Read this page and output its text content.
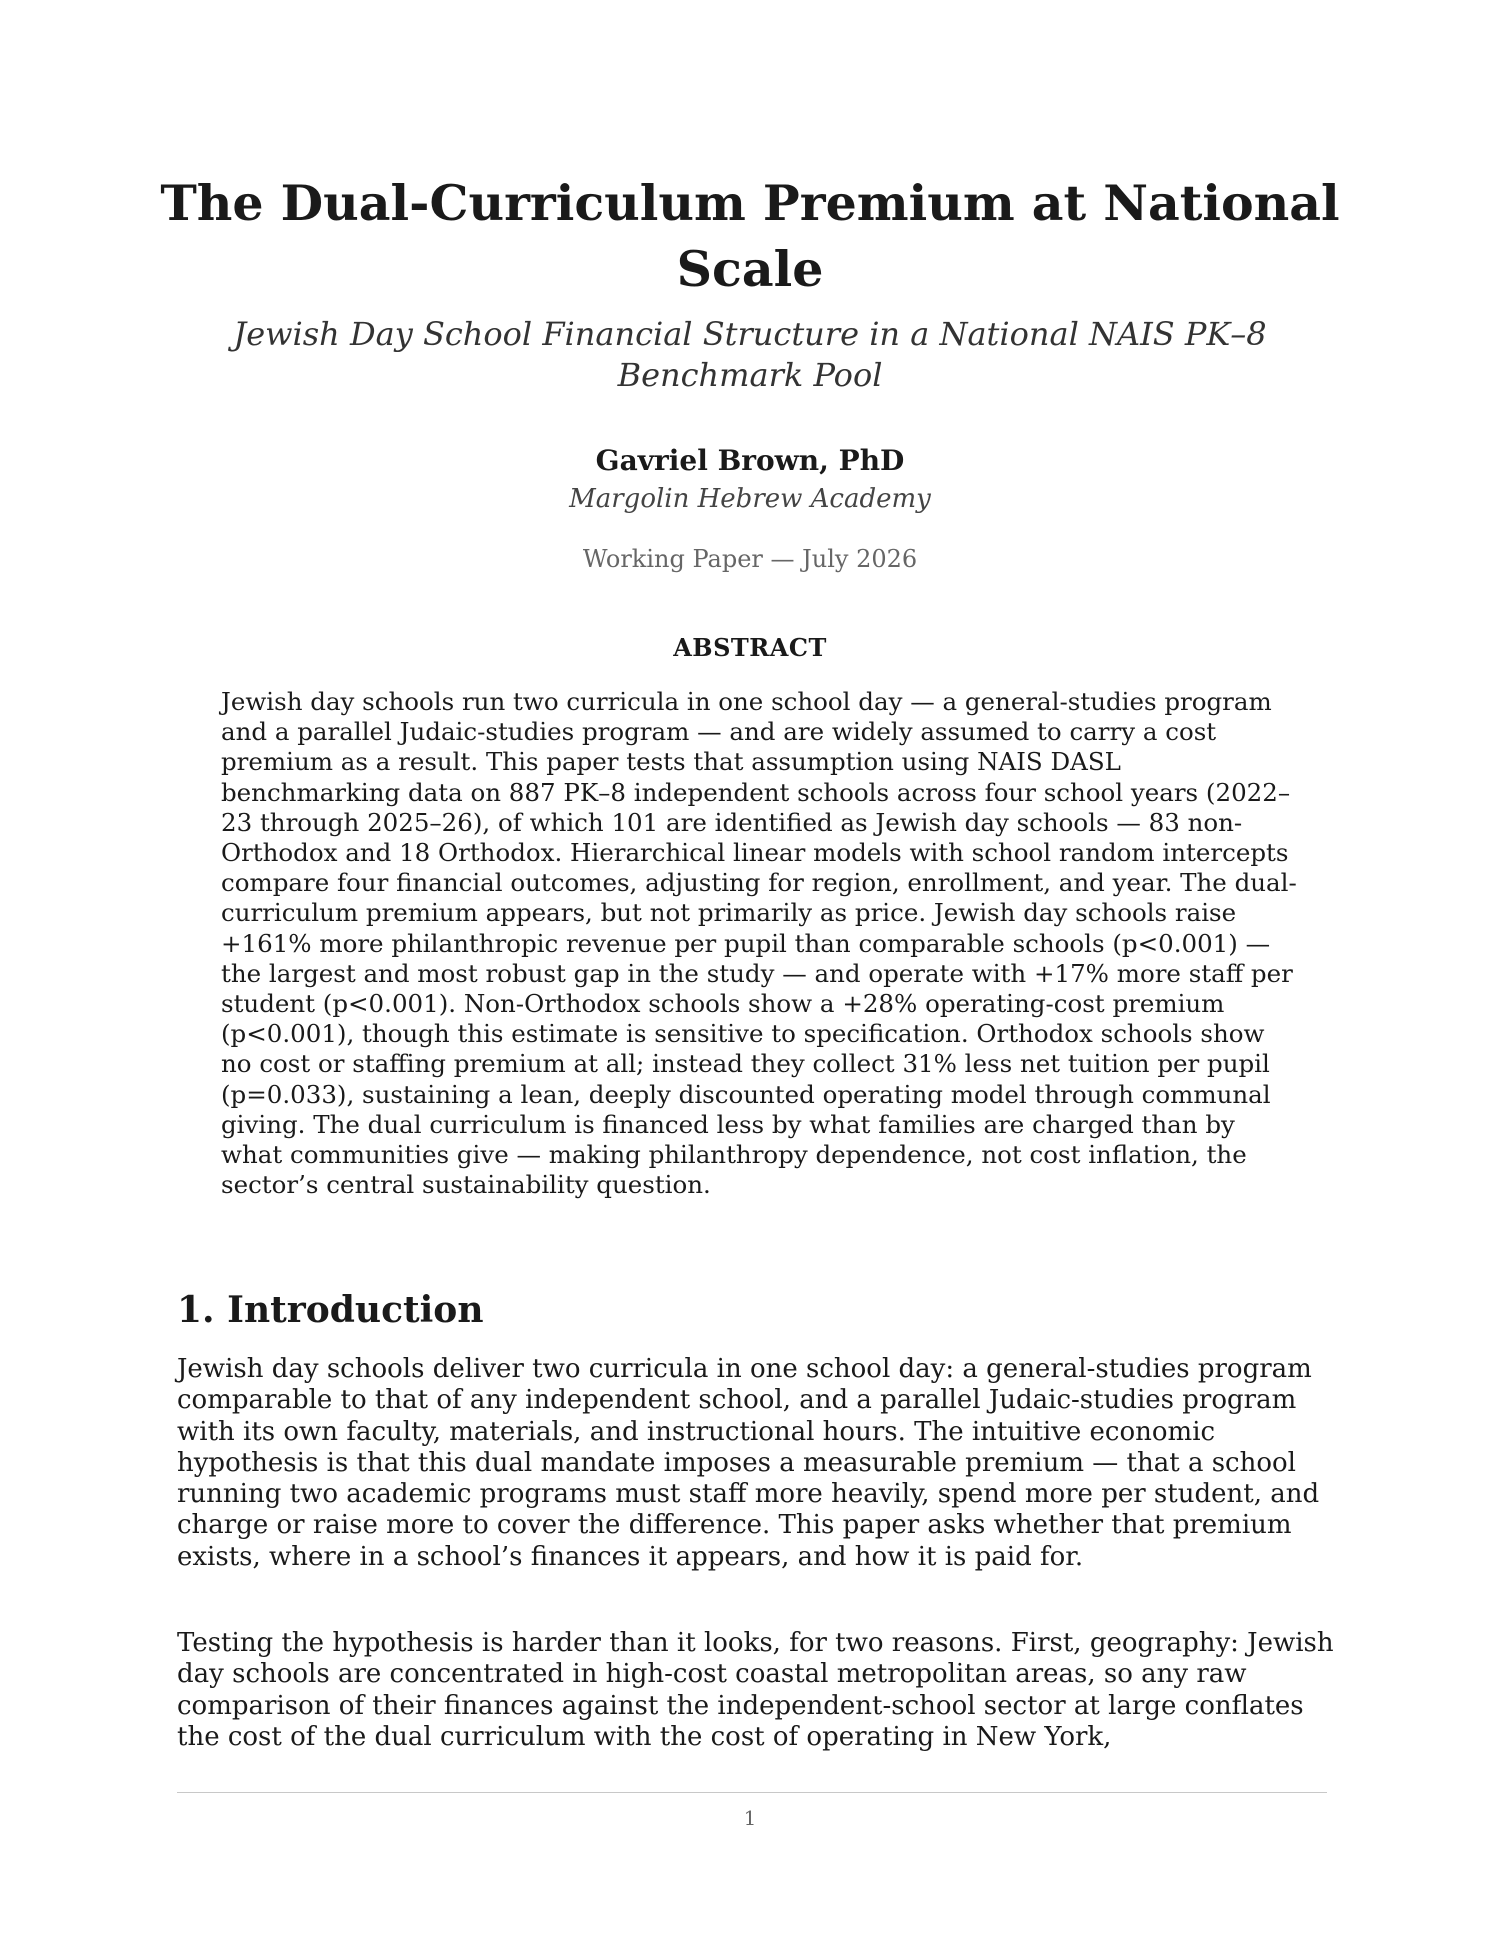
The Dual-Curriculum Premium at National Scale

Jewish Day School Financial Structure in a National NAIS PK–8 Benchmark Pool

Gavriel Brown, PhD

Margolin Hebrew Academy

Working Paper — July 2026

ABSTRACT

Jewish day schools run two curricula in one school day — a general-studies program and a parallel Judaic-studies program — and are widely assumed to carry a cost premium as a result. This paper tests that assumption using NAIS DASL benchmarking data on 887 PK–8 independent schools across four school years (2022–23 through 2025–26), of which 101 are identified as Jewish day schools — 83 non-Orthodox and 18 Orthodox. Hierarchical linear models with school random intercepts compare four financial outcomes, adjusting for region, enrollment, and year. The dual-curriculum premium appears, but not primarily as price. Jewish day schools raise +161% more philanthropic revenue per pupil than comparable schools (p<0.001) — the largest and most robust gap in the study — and operate with +17% more staff per student (p<0.001). Non-Orthodox schools show a +28% operating-cost premium (p<0.001), though this estimate is sensitive to specification. Orthodox schools show no cost or staffing premium at all; instead they collect 31% less net tuition per pupil (p=0.033), sustaining a lean, deeply discounted operating model through communal giving. The dual curriculum is financed less by what families are charged than by what communities give — making philanthropy dependence, not cost inflation, the sector’s central sustainability question.

1. Introduction

Jewish day schools deliver two curricula in one school day: a general-studies program comparable to that of any independent school, and a parallel Judaic-studies program with its own faculty, materials, and instructional hours. The intuitive economic hypothesis is that this dual mandate imposes a measurable premium — that a school running two academic programs must staff more heavily, spend more per student, and charge or raise more to cover the difference. This paper asks whether that premium exists, where in a school’s finances it appears, and how it is paid for.

Testing the hypothesis is harder than it looks, for two reasons. First, geography: Jewish day schools are concentrated in high-cost coastal metropolitan areas, so any raw comparison of their finances against the independent-school sector at large conflates the cost of the dual curriculum with the cost of operating in New York,

1
